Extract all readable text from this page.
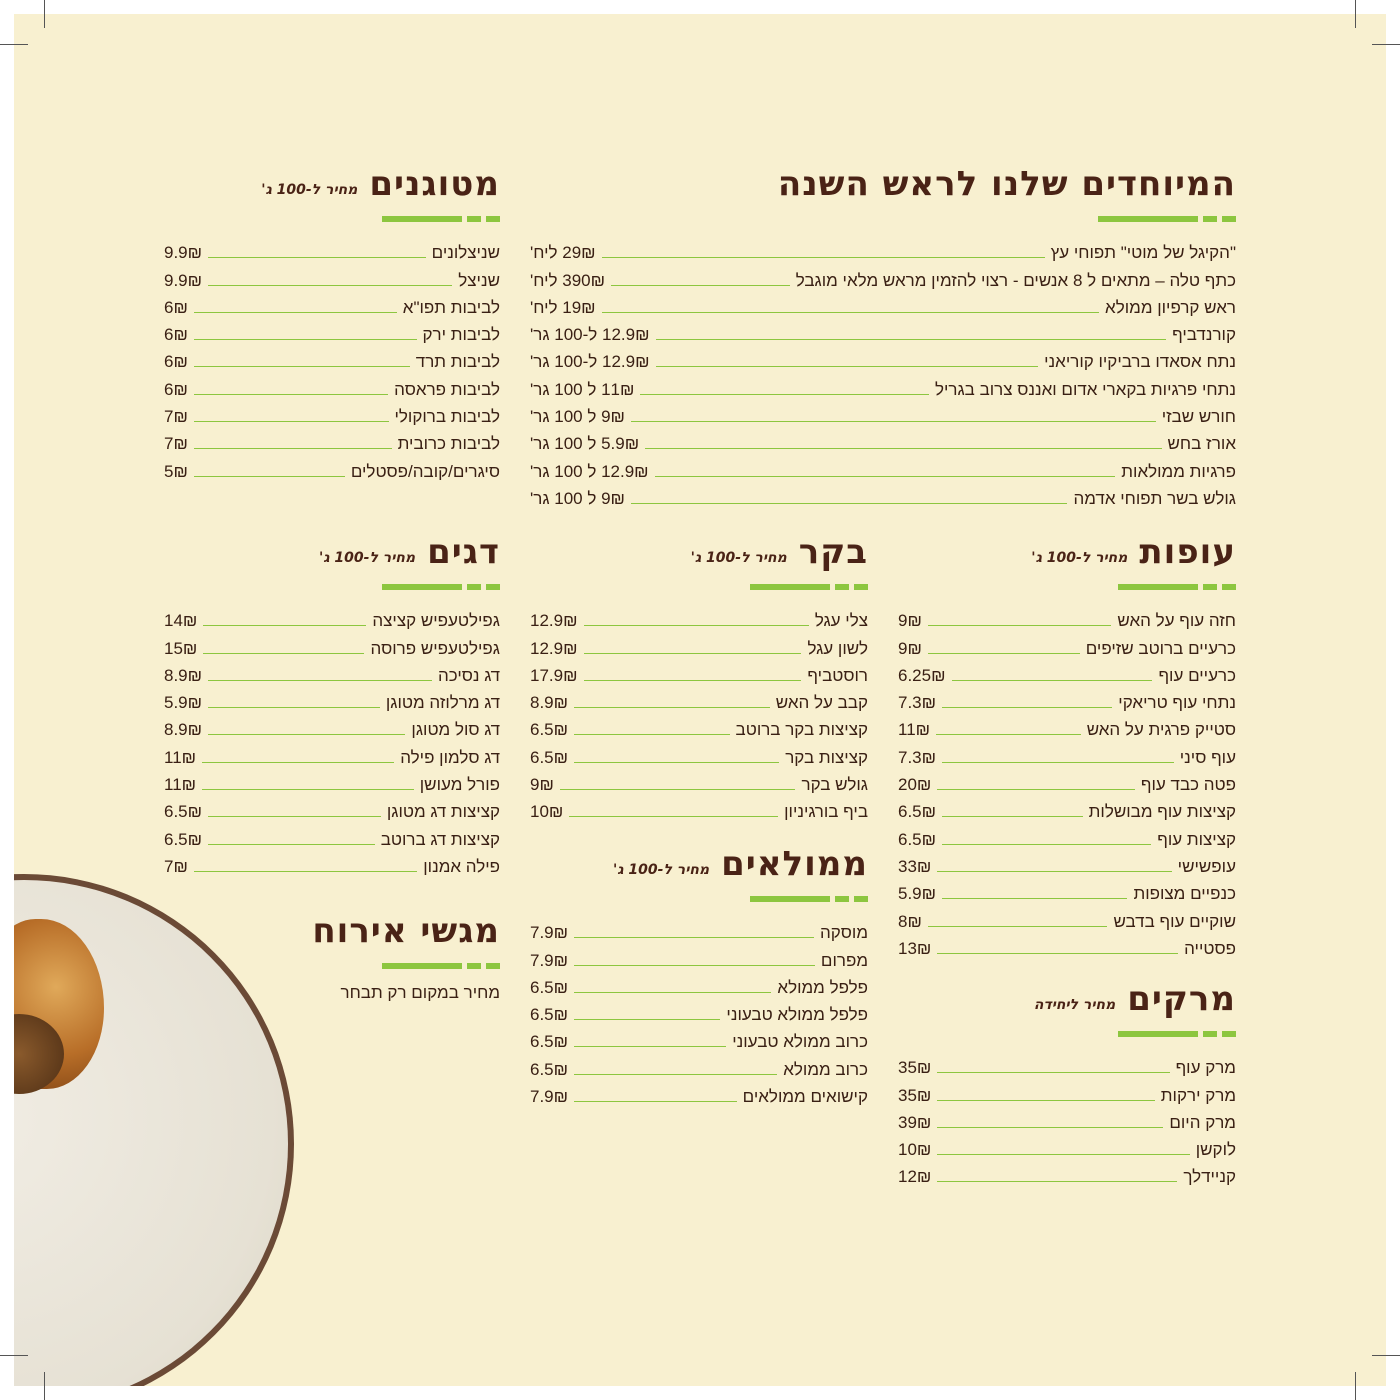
המיוחדים שלנו לראש השנה
"הקיגל של מוטי" תפוחי עץ
29₪ ליח'
כתף טלה – מתאים ל 8 אנשים - רצוי להזמין מראש מלאי מוגבל
390₪ ליח'
ראש קרפיון ממולא
19₪ ליח'
קורנדביף
12.9₪ ל-100 גר'
נתח אסאדו ברביקיו קוריאני
12.9₪ ל-100 גר'
נתחי פרגיות בקארי אדום ואננס צרוב בגריל
11₪ ל 100 גר'
חורש שבזי
9₪ ל 100 גר'
אורז בחש
5.9₪ ל 100 גר'
פרגיות ממולאות
12.9₪ ל 100 גר'
גולש בשר תפוחי אדמה
9₪ ל 100 גר'
מטוגנים
מחיר ל-100 ג'
שניצלונים
9.9₪
שניצל
9.9₪
לביבות תפו"א
6₪
לביבות ירק
6₪
לביבות תרד
6₪
לביבות פראסה
6₪
לביבות ברוקולי
7₪
לביבות כרובית
7₪
סיגרים/קובה/פסטלים
5₪
עופות
מחיר ל-100 ג'
חזה עוף על האש
9₪
כרעיים ברוטב שזיפים
9₪
כרעיים עוף
6.25₪
נתחי עוף טריאקי
7.3₪
סטייק פרגית על האש
11₪
עוף סיני
7.3₪
פטה כבד עוף
20₪
קציצות עוף מבושלות
6.5₪
קציצות עוף
6.5₪
עופשישי
33₪
כנפיים מצופות
5.9₪
שוקיים עוף בדבש
8₪
פסטייה
13₪
בקר
מחיר ל-100 ג'
צלי עגל
12.9₪
לשון עגל
12.9₪
רוסטביף
17.9₪
קבב על האש
8.9₪
קציצות בקר ברוטב
6.5₪
קציצות בקר
6.5₪
גולש בקר
9₪
ביף בורגיניון
10₪
דגים
מחיר ל-100 ג'
גפילטעפיש קציצה
14₪
גפילטעפיש פרוסה
15₪
דג נסיכה
8.9₪
דג מרלוזה מטוגן
5.9₪
דג סול מטוגן
8.9₪
דג סלמון פילה
11₪
פורל מעושן
11₪
קציצות דג מטוגן
6.5₪
קציצות דג ברוטב
6.5₪
פילה אמנון
7₪	ממולאים
מחיר ל-100 ג'
מוסקה
7.9₪
מפרום
7.9₪
פלפל ממולא
6.5₪
פלפל ממולא טבעוני
6.5₪
כרוב ממולא טבעוני
6.5₪
כרוב ממולא
6.5₪
קישואים ממולאים
7.9₪
מרקים
מחיר ליחידה
מרק עוף
35₪
מרק ירקות
35₪
מרק היום
39₪
לוקשן
10₪
קניידלך
12₪
מגשי אירוח

מחיר במקום רק תבחר
